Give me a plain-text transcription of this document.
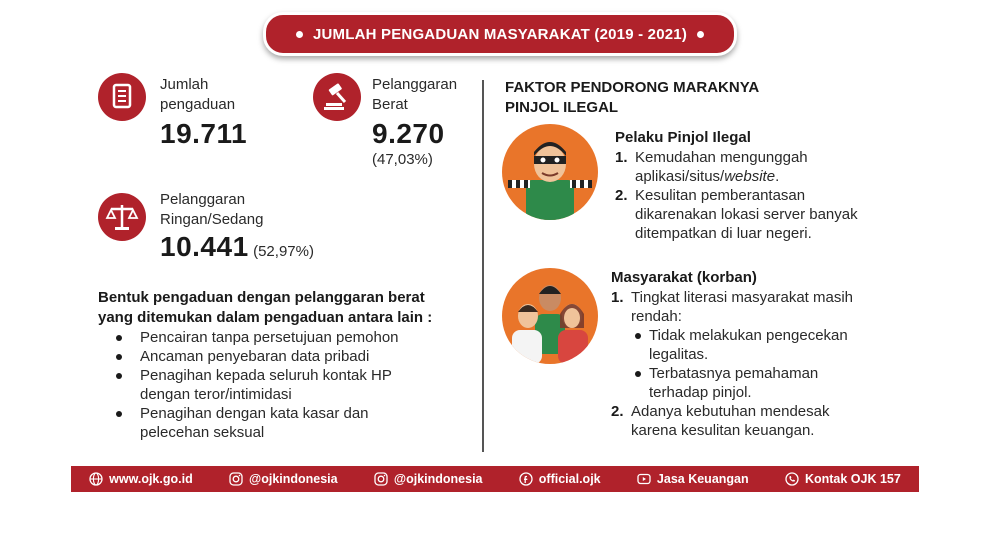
JUMLAH PENGADUAN MASYARAKAT (2019 - 2021)
Jumlah
pengaduan
19.711
Pelanggaran
Berat
9.270
(47,03%)
Pelanggaran
Ringan/Sedang
10.441 (52,97%)
Bentuk pengaduan dengan pelanggaran berat
yang ditemukan dalam pengaduan antara lain :
Pencairan tanpa persetujuan pemohon
Ancaman penyebaran data pribadi
Penagihan kepada seluruh kontak HP
dengan teror/intimidasi
Penagihan dengan kata kasar dan
pelecehan seksual
FAKTOR PENDORONG MARAKNYA
PINJOL ILEGAL
Pelaku Pinjol Ilegal
1. Kemudahan mengunggah
aplikasi/situs/website.
2. Kesulitan pemberantasan
dikarenakan lokasi server banyak
ditempatkan di luar negeri.
Masyarakat (korban)
1. Tingkat literasi masyarakat masih
rendah:
Tidak melakukan pengecekan
legalitas.
Terbatasnya pemahaman
terhadap pinjol.
2. Adanya kebutuhan mendesak
karena kesulitan keuangan.
www.ojk.go.id	@ojkindonesia	@ojkindonesia	official.ojk	Jasa Keuangan	Kontak OJK 157
